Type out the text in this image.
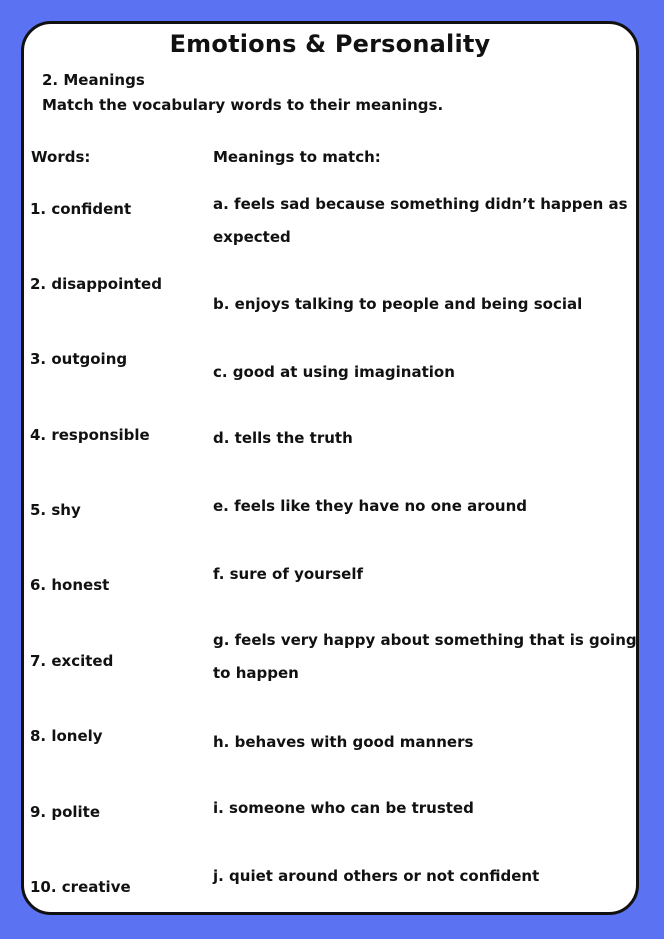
Emotions & Personality
2. Meanings
Match the vocabulary words to their meanings.
Words:	Meanings to match:
1. confident
2. disappointed
3. outgoing
4. responsible
5. shy
6. honest
7. excited
8. lonely
9. polite
10. creative
a. feels sad because something didn’t happen as expected
b. enjoys talking to people and being social
c. good at using imagination
d. tells the truth
e. feels like they have no one around
f. sure of yourself
g. feels very happy about something that is going to happen
h. behaves with good manners
i. someone who can be trusted
j. quiet around others or not confident
